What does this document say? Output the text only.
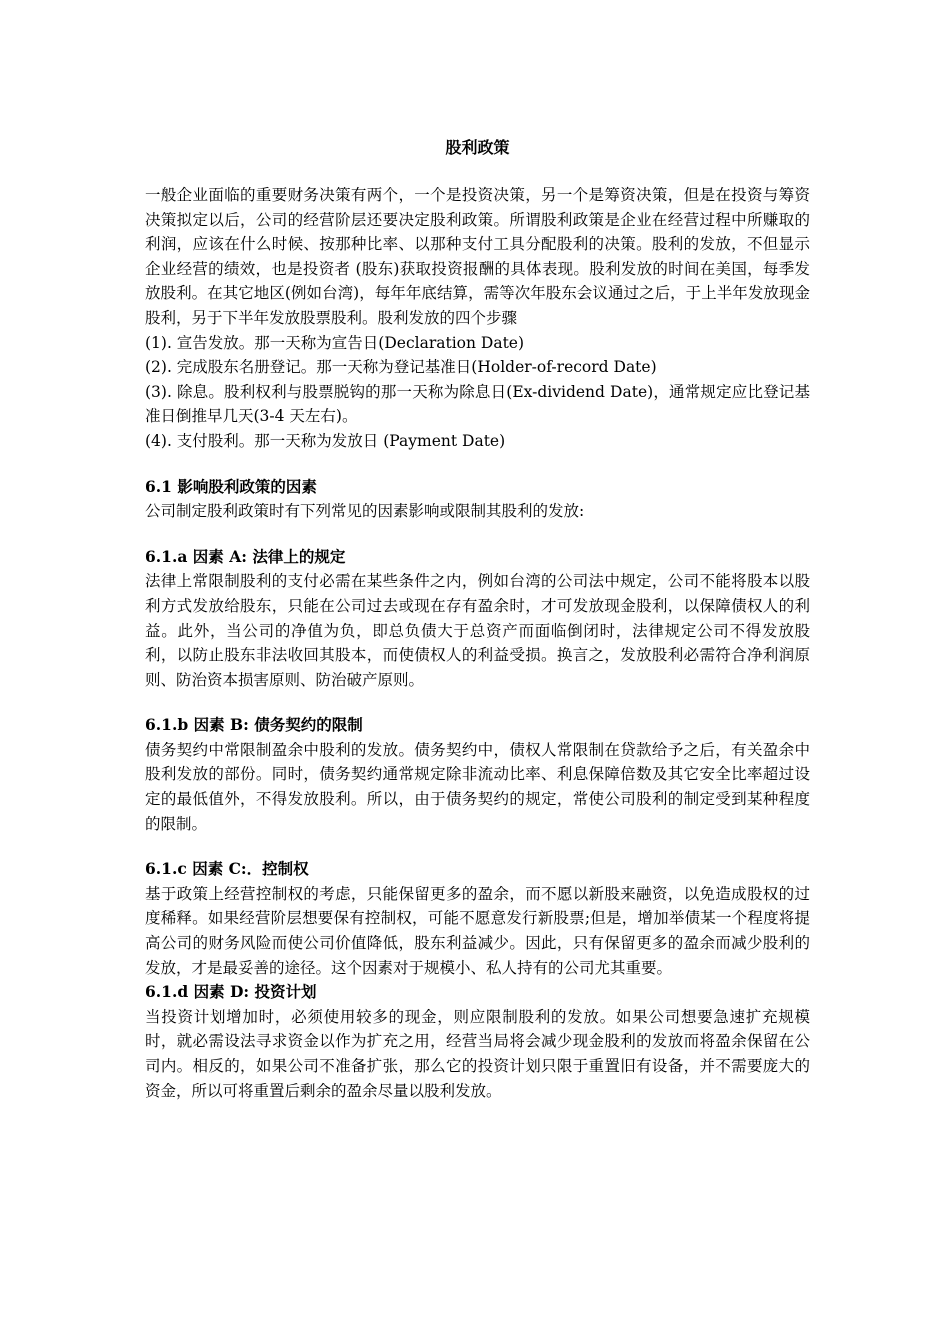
股利政策

一般企业面临的重要财务决策有两个，一个是投资决策，另一个是筹资决策，但是在投资与筹资决策拟定以后，公司的经营阶层还要决定股利政策。所谓股利政策是企业在经营过程中所赚取的利润，应该在什么时候、按那种比率、以那种支付工具分配股利的决策。股利的发放，不但显示企业经营的绩效，也是投资者 (股东)获取投资报酬的具体表现。股利发放的时间在美国，每季发放股利。在其它地区(例如台湾)，每年年底结算，需等次年股东会议通过之后，于上半年发放现金股利，另于下半年发放股票股利。股利发放的四个步骤

(1). 宣告发放。那一天称为宣告日(Declaration Date)

(2). 完成股东名册登记。那一天称为登记基准日(Holder-of-record Date)

(3). 除息。股利权利与股票脱钩的那一天称为除息日(Ex-dividend Date)，通常规定应比登记基准日倒推早几天(3-4 天左右)。

(4). 支付股利。那一天称为发放日 (Payment Date)

6.1 影响股利政策的因素

公司制定股利政策时有下列常见的因素影响或限制其股利的发放:

6.1.a 因素 A: 法律上的规定

法律上常限制股利的支付必需在某些条件之内，例如台湾的公司法中规定，公司不能将股本以股利方式发放给股东，只能在公司过去或现在存有盈余时，才可发放现金股利，以保障债权人的利益。此外，当公司的净值为负，即总负债大于总资产而面临倒闭时，法律规定公司不得发放股利，以防止股东非法收回其股本，而使债权人的利益受损。换言之，发放股利必需符合净利润原则、防治资本损害原则、防治破产原则。

6.1.b 因素 B: 债务契约的限制

债务契约中常限制盈余中股利的发放。债务契约中，债权人常限制在贷款给予之后，有关盈余中股利发放的部份。同时，债务契约通常规定除非流动比率、利息保障倍数及其它安全比率超过设定的最低值外，不得发放股利。所以，由于债务契约的规定，常使公司股利的制定受到某种程度的限制。

6.1.c 因素 C:．控制权

基于政策上经营控制权的考虑，只能保留更多的盈余，而不愿以新股来融资，以免造成股权的过度稀释。如果经营阶层想要保有控制权，可能不愿意发行新股票;但是，增加举债某一个程度将提高公司的财务风险而使公司价值降低，股东利益减少。因此，只有保留更多的盈余而减少股利的发放，才是最妥善的途径。这个因素对于规模小、私人持有的公司尤其重要。

6.1.d 因素 D: 投资计划

当投资计划增加时，必须使用较多的现金，则应限制股利的发放。如果公司想要急速扩充规模时，就必需设法寻求资金以作为扩充之用，经营当局将会减少现金股利的发放而将盈余保留在公司内。相反的，如果公司不准备扩张，那么它的投资计划只限于重置旧有设备，并不需要庞大的资金，所以可将重置后剩余的盈余尽量以股利发放。
